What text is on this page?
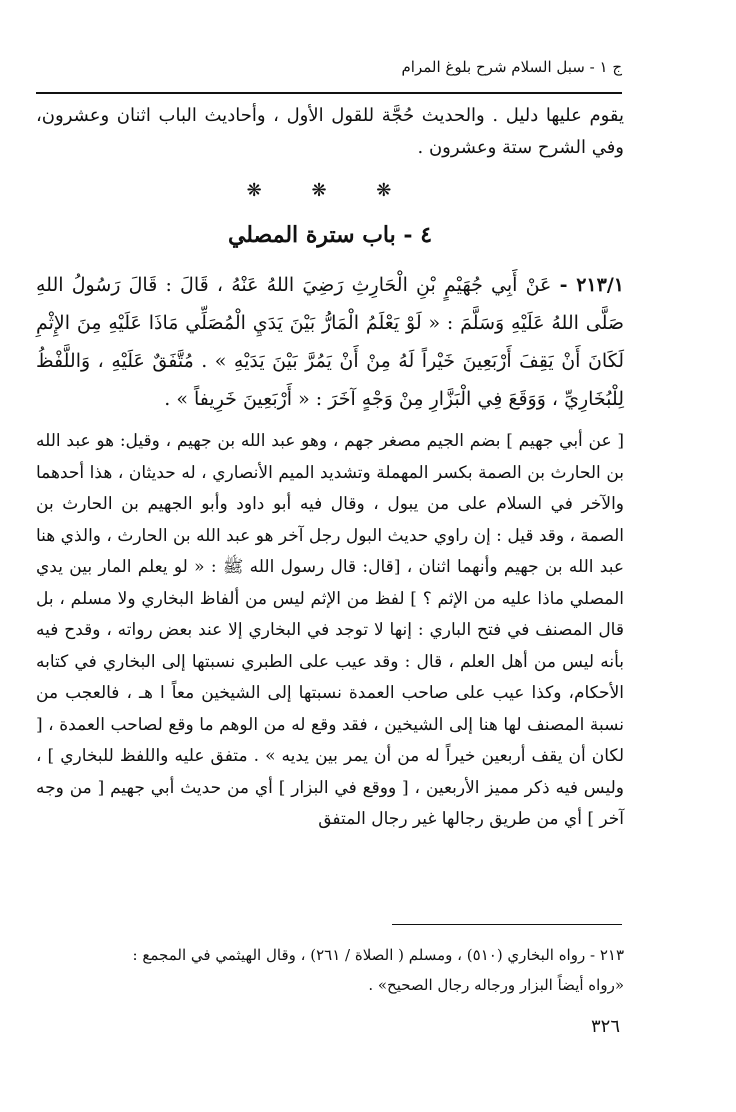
ج ١ - سبل السلام شرح بلوغ المرام

يقوم عليها دليل . والحديث حُجَّة للقول الأول ، وأحاديث الباب اثنان وعشرون، وفي الشرح ستة وعشرون .

❋ ❋ ❋
٤ - باب سترة المصلي

٢١٣/١ - عَنْ أَبِي جُهَيْمٍ بْنِ الْحَارِثِ رَضِيَ اللهُ عَنْهُ ، قَالَ : قَالَ رَسُولُ اللهِ صَلَّى اللهُ عَلَيْهِ وَسَلَّمَ : « لَوْ يَعْلَمُ الْمَارُّ بَيْنَ يَدَيِ الْمُصَلِّي مَاذَا عَلَيْهِ مِنَ الإِثْمِ لَكَانَ أَنْ يَقِفَ أَرْبَعِينَ خَيْراً لَهُ مِنْ أَنْ يَمُرَّ بَيْنَ يَدَيْهِ » . مُتَّفَقٌ عَلَيْهِ ، وَاللَّفْظُ لِلْبُخَارِيِّ ، وَوَقَعَ فِي الْبَزَّارِ مِنْ وَجْهٍ آخَرَ : « أَرْبَعِينَ خَرِيفاً » .

[ عن أبي جهيم ] بضم الجيم مصغر جهم ، وهو عبد الله بن جهيم ، وقيل: هو عبد الله بن الحارث بن الصمة بكسر المهملة وتشديد الميم الأنصاري ، له حديثان ، هذا أحدهما والآخر في السلام على من يبول ، وقال فيه أبو داود وأبو الجهيم بن الحارث بن الصمة ، وقد قيل : إن راوي حديث البول رجل آخر هو عبد الله بن الحارث ، والذي هنا عبد الله بن جهيم وأنهما اثنان ، [قال: قال رسول الله ﷺ : « لو يعلم المار بين يدي المصلي ماذا عليه من الإثم ؟ ] لفظ من الإثم ليس من ألفاظ البخاري ولا مسلم ، بل قال المصنف في فتح الباري : إنها لا توجد في البخاري إلا عند بعض رواته ، وقدح فيه بأنه ليس من أهل العلم ، قال : وقد عيب على الطبري نسبتها إلى البخاري في كتابه الأحكام، وكذا عيب على صاحب العمدة نسبتها إلى الشيخين معاً ا هـ ، فالعجب من نسبة المصنف لها هنا إلى الشيخين ، فقد وقع له من الوهم ما وقع لصاحب العمدة ، [ لكان أن يقف أربعين خيراً له من أن يمر بين يديه » . متفق عليه واللفظ للبخاري ] ، وليس فيه ذكر مميز الأربعين ، [ ووقع في البزار ] أي من حديث أبي جهيم [ من وجه آخر ] أي من طريق رجالها غير رجال المتفق

٢١٣ - رواه البخاري (٥١٠) ، ومسلم ( الصلاة / ٢٦١) ، وقال الهيثمي في المجمع :
«رواه أيضاً البزار ورجاله رجال الصحيح» .
٣٢٦
